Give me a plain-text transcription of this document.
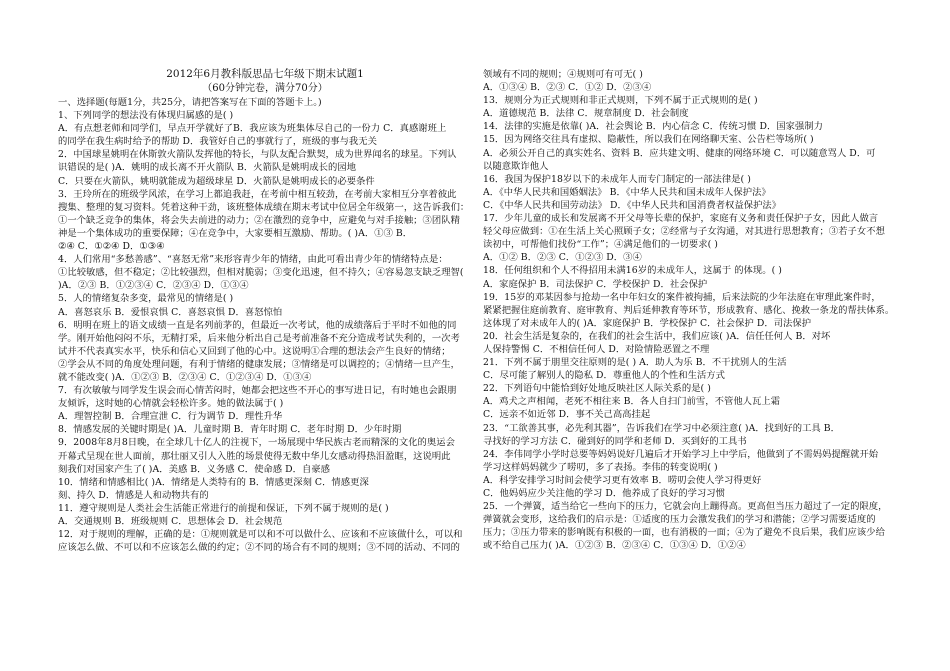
2012年6月教科版思品七年级下期末试题1
（60分钟完卷，满分70分）
一、选择题(每题1分，共25分，请把答案写在下面的答题卡上。)
1、下列同学的想法没有体现归属感的是( )
A．有点想老师和同学们，早点开学就好了B．我应该为班集体尽自己的一份力 C．真感谢班上
的同学在我生病时给予的帮助 D．我管好自己的事就行了，班级的事与我无关
2．中国球星姚明在休斯敦火箭队发挥他的特长，与队友配合默契，成为世界闻名的球星。下列认
识错误的是( )A．姚明的成长离不开火箭队 B．火箭队是姚明成长的园地
C．只要在火箭队，姚明就能成为超级球星 D．火箭队是姚明成长的必要条件
3．王玲所在的班级学风浓，在学习上都追我赶，在考前中相互较劲，在考前大家相互分享着彼此
搜集、整理的复习资料。凭着这种干劲，该班整体成绩在期末考试中位居全年级第一，这告诉我们：
①一个缺乏竞争的集体，将会失去前进的动力；②在激烈的竞争中，应避免与对手接触；③团队精
神是一个集体成功的重要保障；④在竞争中，大家要相互激励、帮助。( )A．①③ B．
②④ C．①②④ D．①③④
4．人们常用“多愁善感”、“喜怒无常”来形容青少年的情绪，由此可看出青少年的情绪特点是：
①比较敏感，但不稳定；②比较强烈，但相对脆弱；③变化迅速，但不持久；④容易忽支缺乏理智(
)A．②③ B．①②③④ C．②③④ D．①③④
5．人的情绪复杂多变，最常见的情绪是( )
A．喜怒哀乐 B．爱恨哀惧 C．喜怒哀惧 D．喜怒惊怕
6．明明在班上的语文成绩一直是名列前茅的，但最近一次考试，他的成绩落后于平时不如他的同
学。刚开始他闷闷不乐，无精打采，后来他分析出自己是考前准备不充分造成考试失利的，一次考
试并不代表真实水平，快乐和信心又回到了他的心中。这说明①合理的想法会产生良好的情绪；
②学会从不同的角度处理问题，有利于情绪的健康发展；③情绪是可以调控的；④情绪一旦产生，
就不能改变( )A．①②③ B．②③④ C．①②③④ D．①③④
7．有次敏敏与同学发生误会而心情苦闷时，她都会把这些不开心的事写进日记，有时她也会跟朋
友倾诉，这时她的心情就会轻松许多。她的做法属于( )
A．理智控制 B．合理宣泄 C．行为调节 D．理性升华
8．情感发展的关键时期是( )A．儿童时期 B．青年时期 C．老年时期 D．少年时期
9．2008年8月8日晚，在全球几十亿人的注视下，一场展现中华民族古老而精深的文化的奥运会
开幕式呈现在世人面前，那壮丽又引人入胜的场景使得无数中华儿女感动得热泪盈眶，这说明此
刻我们对国家产生了( )A．美感 B．义务感 C．使命感 D．自豪感
10．情绪和情感相比( )A．情绪是人类特有的 B．情感更深刻 C．情感更深
刻、持久 D．情感是人和动物共有的
11．遵守规则是人类社会生活能正常进行的前提和保证，下列不属于规则的是( )
A．交通规则 B．班级规则 C．思想体会 D．社会规范
12．对于规则的理解，正确的是：①规则就是可以和不可以做什么、应该和不应该做什么，可以和
应该怎么做、不可以和不应该怎么做的约定；②不同的场合有不同的规则；③不同的活动、不同的
领域有不同的规则；④规则可有可无( )
A．①③④ B．②③ C．①② D．②③④
13．规则分为正式规则和非正式规则，下列不属于正式规则的是( )
A．道德规范 B．法律 C．规章制度 D．社会制度
14．法律的实施是依靠( )A．社会舆论 B．内心信念 C．传统习惯 D．国家强制力
15．因为网络交往具有虚拟、隐蔽性，所以我们在网络聊天室、公告栏等场所( )
A．必须公开自己的真实姓名、资料 B．应共建文明、健康的网络环境 C．可以随意骂人 D．可
以随意欺诈他人
16．我国为保护18岁以下的未成年人而专门制定的一部法律是( )
A．《中华人民共和国婚姻法》 B．《中华人民共和国未成年人保护法》
C．《中华人民共和国劳动法》 D．《中华人民共和国消费者权益保护法》
17．少年儿童的成长和发展离不开父母等长辈的保护，家庭有义务和责任保护子女，因此人做言
轻父母应做到：①在生活上关心照顾子女；②经常与子女沟通，对其进行思想教育；③若子女不想
读初中，可帮他们找份“工作”；④满足他们的一切要求( )
A．①② B．②③ C．①②③ D．③④
18．任何组织和个人不得招用未满16岁的未成年人，这属于 的体现。( )
A．家庭保护 B．司法保护 C．学校保护 D．社会保护
19．15岁的邓某因参与抢劫一名中年妇女的案件被拘捕，后来法院的少年法庭在审理此案件时，
紧紧把握住庭前教育、庭审教育、判后延伸教育等环节，形成教育、感化、挽救一条龙的帮扶体系。
这体现了对未成年人的( )A．家庭保护 B．学校保护 C．社会保护 D．司法保护
20．社会生活是复杂的，在我们的社会生活中，我们应该( )A．信任任何人 B．对坏
人保持警惕 C．不相信任何人 D．对险情险恶置之不理
21．下列不属于朋里交往原则的是( ) A．助人为乐 B．不干扰别人的生活
C．尽可能了解别人的隐私 D．尊重他人的个性和生活方式
22．下列语句中能恰到好处地反映社区人际关系的是( )
A．鸡犬之声相闻，老死不相往来 B．各人自扫门前雪，不管他人瓦上霜
C．远亲不如近邻 D．事不关己高高挂起
23．“工欲善其事，必先利其器”，告诉我们在学习中必须注意( )A．找到好的工具 B．
寻找好的学习方法 C．碰到好的同学和老师 D．买到好的工具书
24．李伟同学小学时总要等妈妈说好几遍后才开始学习上中学后，他做到了不需妈妈提醒就开始
学习这样妈妈就少了唠叨，多了表扬。李伟的转变说明( )
A．科学安排学习时间会使学习更有效率 B．唠叨会使人学习得更好
C．他妈妈应少关注他的学习 D．他养成了良好的学习习惯
25．一个弹簧，适当给它一些向下的压力，它就会向上蹦得高。更高但当压力超过了一定的限度，
弹簧就会变形，这给我们的启示是：①适度的压力会激发我们的学习和潜能；②学习需要适度的
压力；③压力带来的影响既有积极的一面，也有消极的一面；④为了避免不良后果，我们应该少给
或不给自己压力( )A．①②③ B．②③④ C．①③④ D．①②④
